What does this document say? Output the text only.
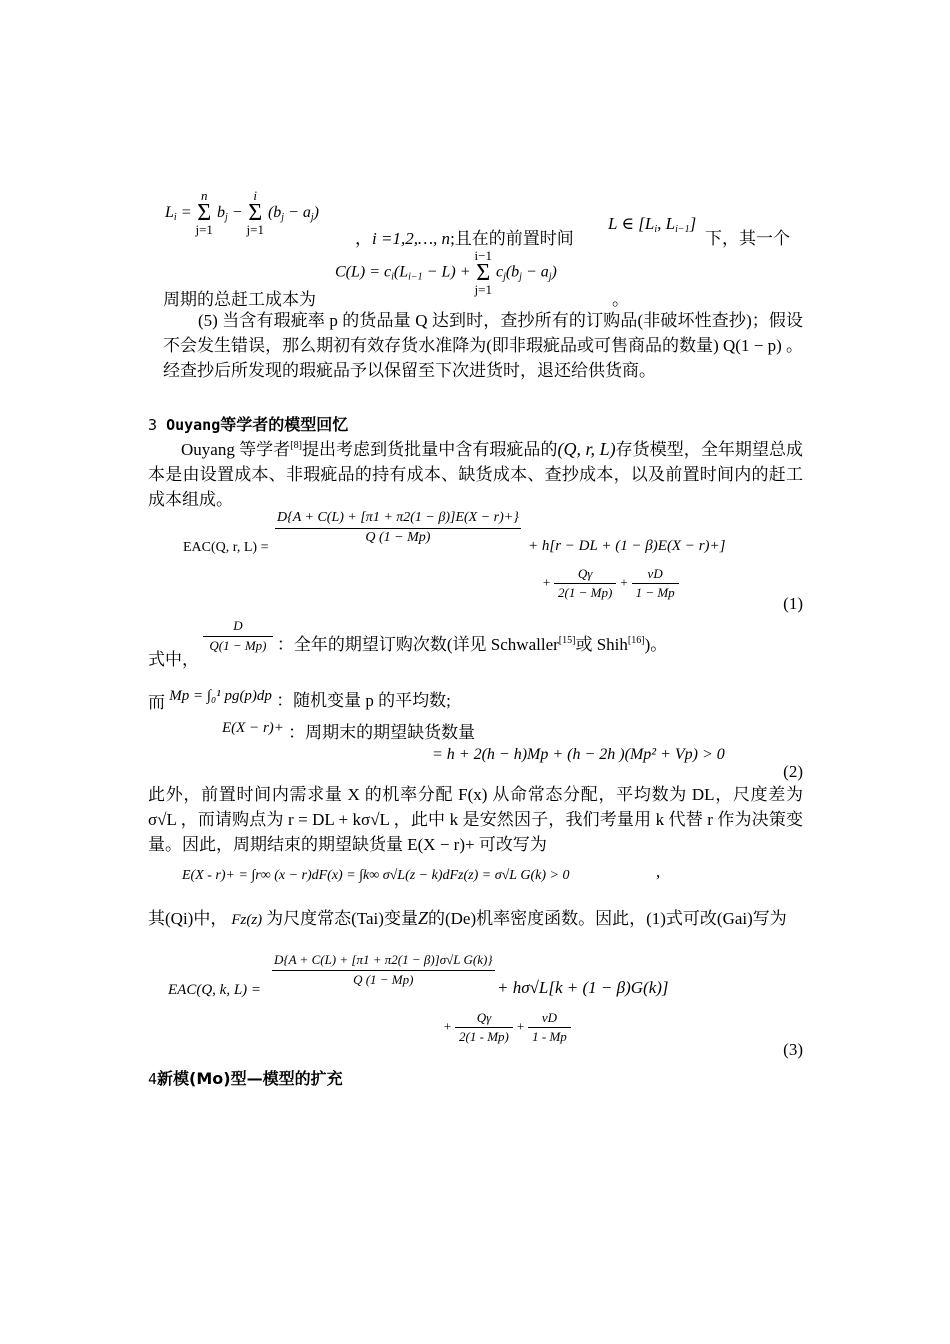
$L_i$ =
n
Σ
j=1
$b_j$ −
i
Σ
j=1
$(b_j - a_j)$
，i =1,2,…, n;且在的前置时间
L ∈ [$L_i$, $L_{i-1}$]
下，其一个
$C(L) = c_i(L_{i-1} - L)$ +
i−1
Σ
j=1
$c_j(b_j - a_j)$
周期的总赶工成本为	。
(5) 当含有瑕疵率 p 的货品量 Q 达到时，查抄所有的订购品(非破坏性查抄)；假设不会发生错误，那么期初有效存货水准降为(即非瑕疵品或可售商品的数量) Q(1 − p) 。经查抄后所发现的瑕疵品予以保留至下次进货时，退还给供货商。
3 Ouyang等学者的模型回忆
Ouyang 等学者[8]提出考虑到货批量中含有瑕疵品的(Q, r, L)存货模型，全年期望总成本是由设置成本、非瑕疵品的持有成本、缺货成本、查抄成本，以及前置时间内的赶工成本组成。
EAC(Q, r, L) =
$\frac{D\{A + C(L) + [\pi 1 + \pi 2(1 - \beta)]E(X - r)+\}}{Q (1 - Mp)} + h[r$ − DL + (1 − β)E(X − r)+]
+ $\frac{Q\gamma}{2(1 - Mp)} + \frac{\nu D}{1 - Mp}$
(1)
式中，
$\frac{D}{Q(1 - Mp)}$ ：全年的期望订购次数(详见 Schwaller[15]或 Shih[16])。
而 Mp = ∫₀¹ pg(p)dp ：随机变量 p 的平均数;
E(X − r)+ ：周期末的期望缺货数量
= h + 2(h − h)Mp + (h − 2h )(Mp² + Vp) > 0
(2)
此外，前置时间内需求量 X 的机率分配 F(x) 从命常态分配，平均数为 DL，尺度差为 σ√L ，而请购点为 r = DL + kσ√L ，此中 k 是安然因子，我们考量用 k 代替 r 作为决策变量。因此，周期结束的期望缺货量 E(X − r)+ 可改写为
E(X - r)+ = ∫r∞ (x − r)dF(x) = ∫k∞ σ√L(z − k)dFz(z) = σ√L G(k) > 0	,
其(Qi)中， Fz(z) 为尺度常态(Tai)变量Z的(De)机率密度函数。因此，(1)式可改(Gai)写为
EAC(Q, k, L) =
$\frac{\text{D\{A + C(L) + [π1 + π2(1 − β)]σ√L G(k)\}}}{Q (1 - Mp)} + h\sigma√L[k + (1 - \beta)G(k)]$
+ $\frac{Q\gamma}{2(1 - Mp)} + \frac{\nu D}{1 - Mp}$
(3)
4新模(Mo)型—模型的扩充
